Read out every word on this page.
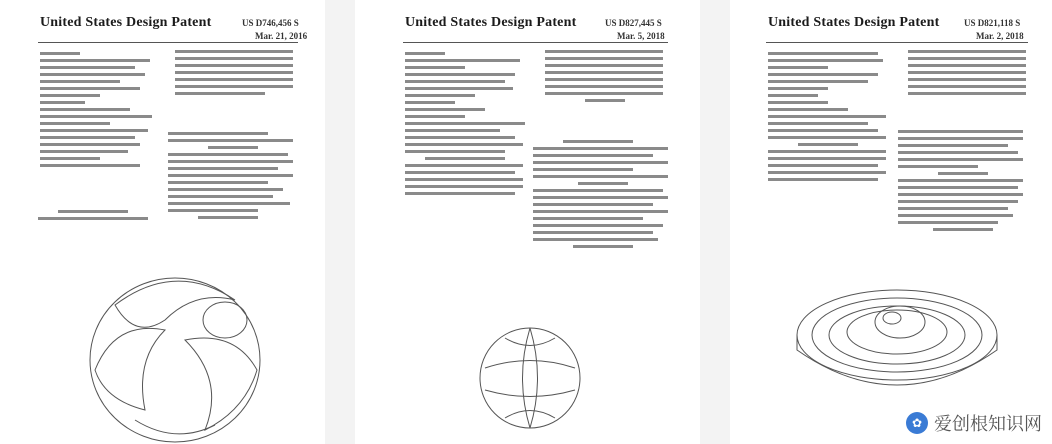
United States Design Patent	US D746,456 S
Mar. 21, 2016
United States Design Patent	US D827,445 S
Mar. 5, 2018
United States Design Patent	US D821,118 S
Mar. 2, 2018
✿ 爱创根知识网
